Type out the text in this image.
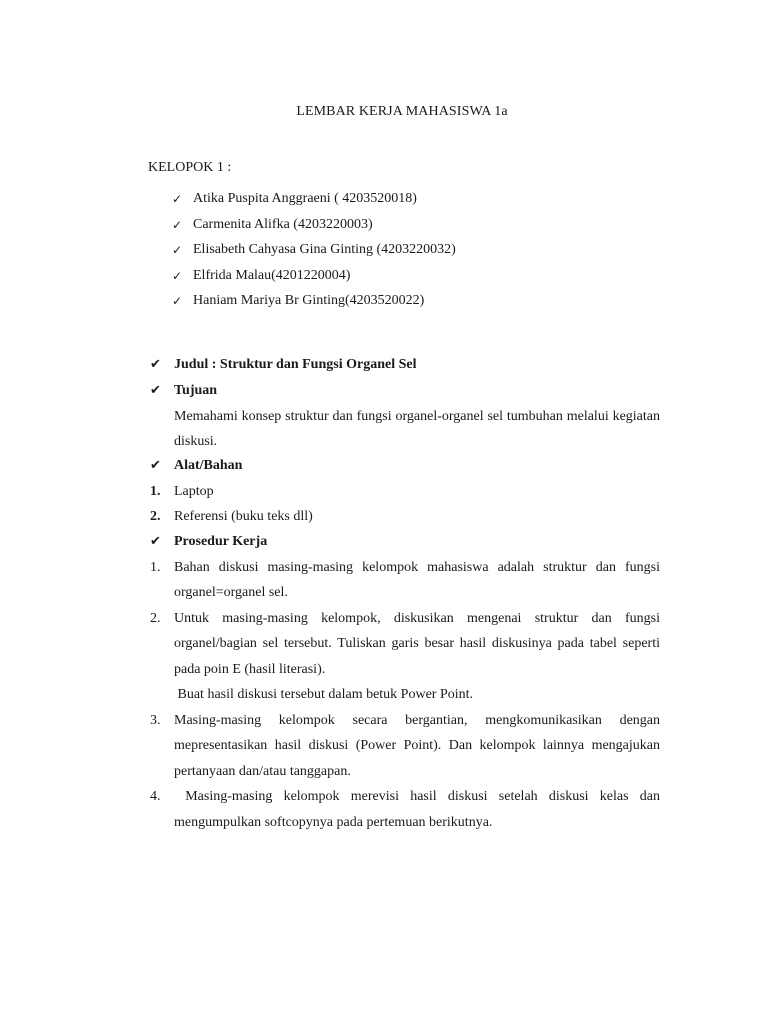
LEMBAR KERJA MAHASISWA 1a
KELOPOK 1 :
✓ Atika Puspita Anggraeni ( 4203520018)
✓ Carmenita Alifka (4203220003)
✓ Elisabeth Cahyasa Gina Ginting (4203220032)
✓ Elfrida Malau(4201220004)
✓ Haniam Mariya Br Ginting(4203520022)
✔ Judul : Struktur dan Fungsi Organel Sel
✔ Tujuan
Memahami konsep struktur dan fungsi organel-organel sel tumbuhan melalui kegiatan diskusi.
✔ Alat/Bahan
1. Laptop
2. Referensi (buku teks dll)
✔ Prosedur Kerja
1. Bahan diskusi masing-masing kelompok mahasiswa adalah struktur dan fungsi organel=organel sel.
2. Untuk masing-masing kelompok, diskusikan mengenai struktur dan fungsi organel/bagian sel tersebut. Tuliskan garis besar hasil diskusinya pada tabel seperti pada poin E (hasil literasi).
Buat hasil diskusi tersebut dalam betuk Power Point.
3. Masing-masing kelompok secara bergantian, mengkomunikasikan dengan mepresentasikan hasil diskusi (Power Point). Dan kelompok lainnya mengajukan pertanyaan dan/atau tanggapan.
4. Masing-masing kelompok merevisi hasil diskusi setelah diskusi kelas dan mengumpulkan softcopynya pada pertemuan berikutnya.
